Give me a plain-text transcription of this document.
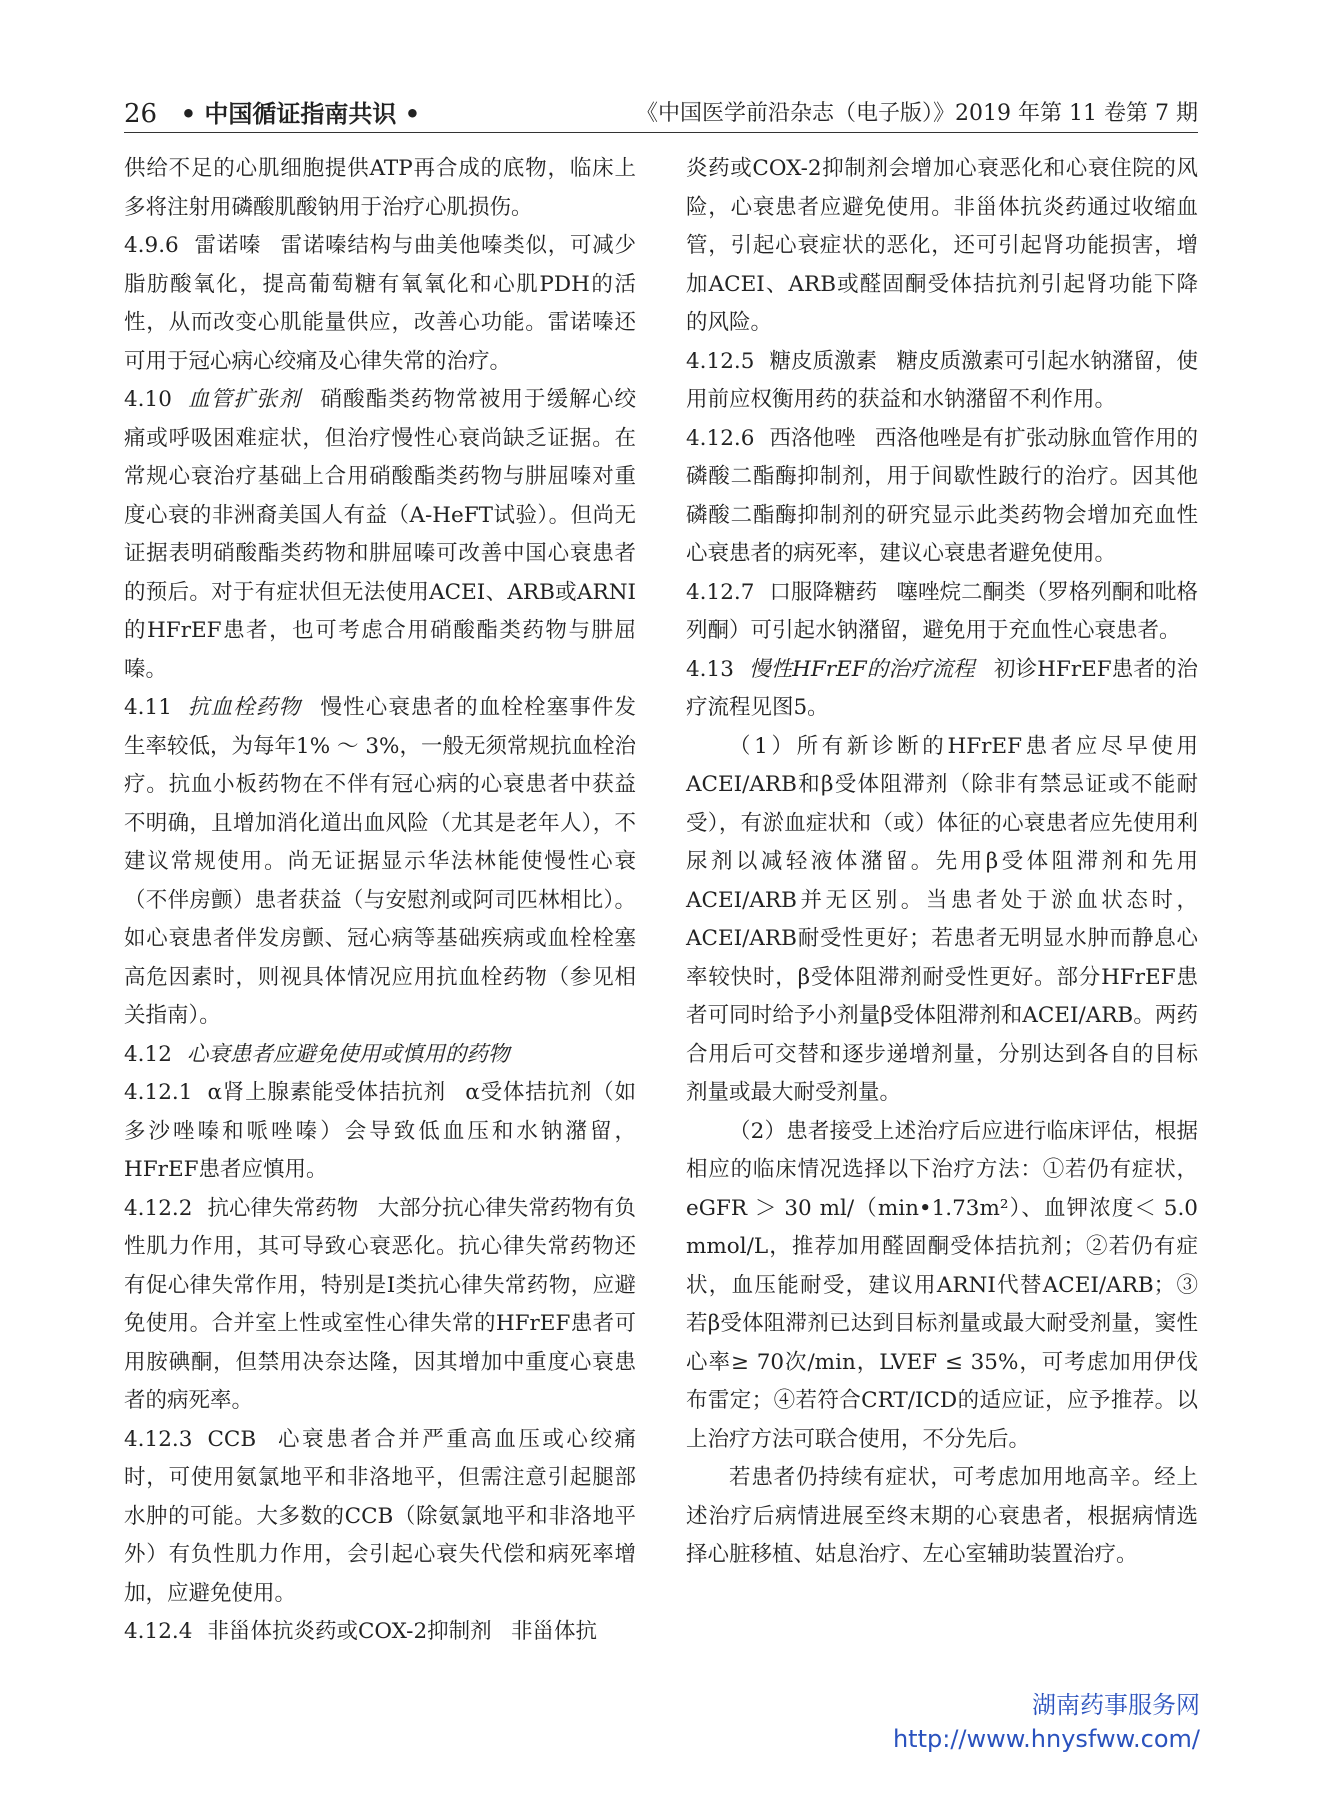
26 • 中国循证指南共识 •	《中国医学前沿杂志（电子版）》2019 年第 11 卷第 7 期

供给不足的心肌细胞提供ATP再合成的底物，临床上多将注射用磷酸肌酸钠用于治疗心肌损伤。

4.9.6 雷诺嗪 雷诺嗪结构与曲美他嗪类似，可减少脂肪酸氧化，提高葡萄糖有氧氧化和心肌PDH的活性，从而改变心肌能量供应，改善心功能。雷诺嗪还可用于冠心病心绞痛及心律失常的治疗。

4.10 血管扩张剂 硝酸酯类药物常被用于缓解心绞痛或呼吸困难症状，但治疗慢性心衰尚缺乏证据。在常规心衰治疗基础上合用硝酸酯类药物与肼屈嗪对重度心衰的非洲裔美国人有益（A-HeFT试验）。但尚无证据表明硝酸酯类药物和肼屈嗪可改善中国心衰患者的预后。对于有症状但无法使用ACEI、ARB或ARNI的HFrEF患者，也可考虑合用硝酸酯类药物与肼屈嗪。

4.11 抗血栓药物 慢性心衰患者的血栓栓塞事件发生率较低，为每年1% ～ 3%，一般无须常规抗血栓治疗。抗血小板药物在不伴有冠心病的心衰患者中获益不明确，且增加消化道出血风险（尤其是老年人），不建议常规使用。尚无证据显示华法林能使慢性心衰（不伴房颤）患者获益（与安慰剂或阿司匹林相比）。如心衰患者伴发房颤、冠心病等基础疾病或血栓栓塞高危因素时，则视具体情况应用抗血栓药物（参见相关指南）。

4.12 心衰患者应避免使用或慎用的药物

4.12.1 α肾上腺素能受体拮抗剂 α受体拮抗剂（如多沙唑嗪和哌唑嗪）会导致低血压和水钠潴留，HFrEF患者应慎用。

4.12.2 抗心律失常药物 大部分抗心律失常药物有负性肌力作用，其可导致心衰恶化。抗心律失常药物还有促心律失常作用，特别是Ⅰ类抗心律失常药物，应避免使用。合并室上性或室性心律失常的HFrEF患者可用胺碘酮，但禁用决奈达隆，因其增加中重度心衰患者的病死率。

4.12.3 CCB 心衰患者合并严重高血压或心绞痛时，可使用氨氯地平和非洛地平，但需注意引起腿部水肿的可能。大多数的CCB（除氨氯地平和非洛地平外）有负性肌力作用，会引起心衰失代偿和病死率增加，应避免使用。

4.12.4 非甾体抗炎药或COX-2抑制剂 非甾体抗

炎药或COX-2抑制剂会增加心衰恶化和心衰住院的风险，心衰患者应避免使用。非甾体抗炎药通过收缩血管，引起心衰症状的恶化，还可引起肾功能损害，增加ACEI、ARB或醛固酮受体拮抗剂引起肾功能下降的风险。

4.12.5 糖皮质激素 糖皮质激素可引起水钠潴留，使用前应权衡用药的获益和水钠潴留不利作用。

4.12.6 西洛他唑 西洛他唑是有扩张动脉血管作用的磷酸二酯酶抑制剂，用于间歇性跛行的治疗。因其他磷酸二酯酶抑制剂的研究显示此类药物会增加充血性心衰患者的病死率，建议心衰患者避免使用。

4.12.7 口服降糖药 噻唑烷二酮类（罗格列酮和吡格列酮）可引起水钠潴留，避免用于充血性心衰患者。

4.13 慢性HFrEF的治疗流程 初诊HFrEF患者的治疗流程见图5。

（1）所有新诊断的HFrEF患者应尽早使用ACEI/ARB和β受体阻滞剂（除非有禁忌证或不能耐受），有淤血症状和（或）体征的心衰患者应先使用利尿剂以减轻液体潴留。先用β受体阻滞剂和先用ACEI/ARB并无区别。当患者处于淤血状态时，ACEI/ARB耐受性更好；若患者无明显水肿而静息心率较快时，β受体阻滞剂耐受性更好。部分HFrEF患者可同时给予小剂量β受体阻滞剂和ACEI/ARB。两药合用后可交替和逐步递增剂量，分别达到各自的目标剂量或最大耐受剂量。

（2）患者接受上述治疗后应进行临床评估，根据相应的临床情况选择以下治疗方法：①若仍有症状，eGFR ＞ 30 ml/（min•1.73m²）、血钾浓度＜ 5.0 mmol/L，推荐加用醛固酮受体拮抗剂；②若仍有症状，血压能耐受，建议用ARNI代替ACEI/ARB；③若β受体阻滞剂已达到目标剂量或最大耐受剂量，窦性心率≥ 70次/min，LVEF ≤ 35%，可考虑加用伊伐布雷定；④若符合CRT/ICD的适应证，应予推荐。以上治疗方法可联合使用，不分先后。

若患者仍持续有症状，可考虑加用地高辛。经上述治疗后病情进展至终末期的心衰患者，根据病情选择心脏移植、姑息治疗、左心室辅助装置治疗。

湖南药事服务网
http://www.hnysfww.com/
